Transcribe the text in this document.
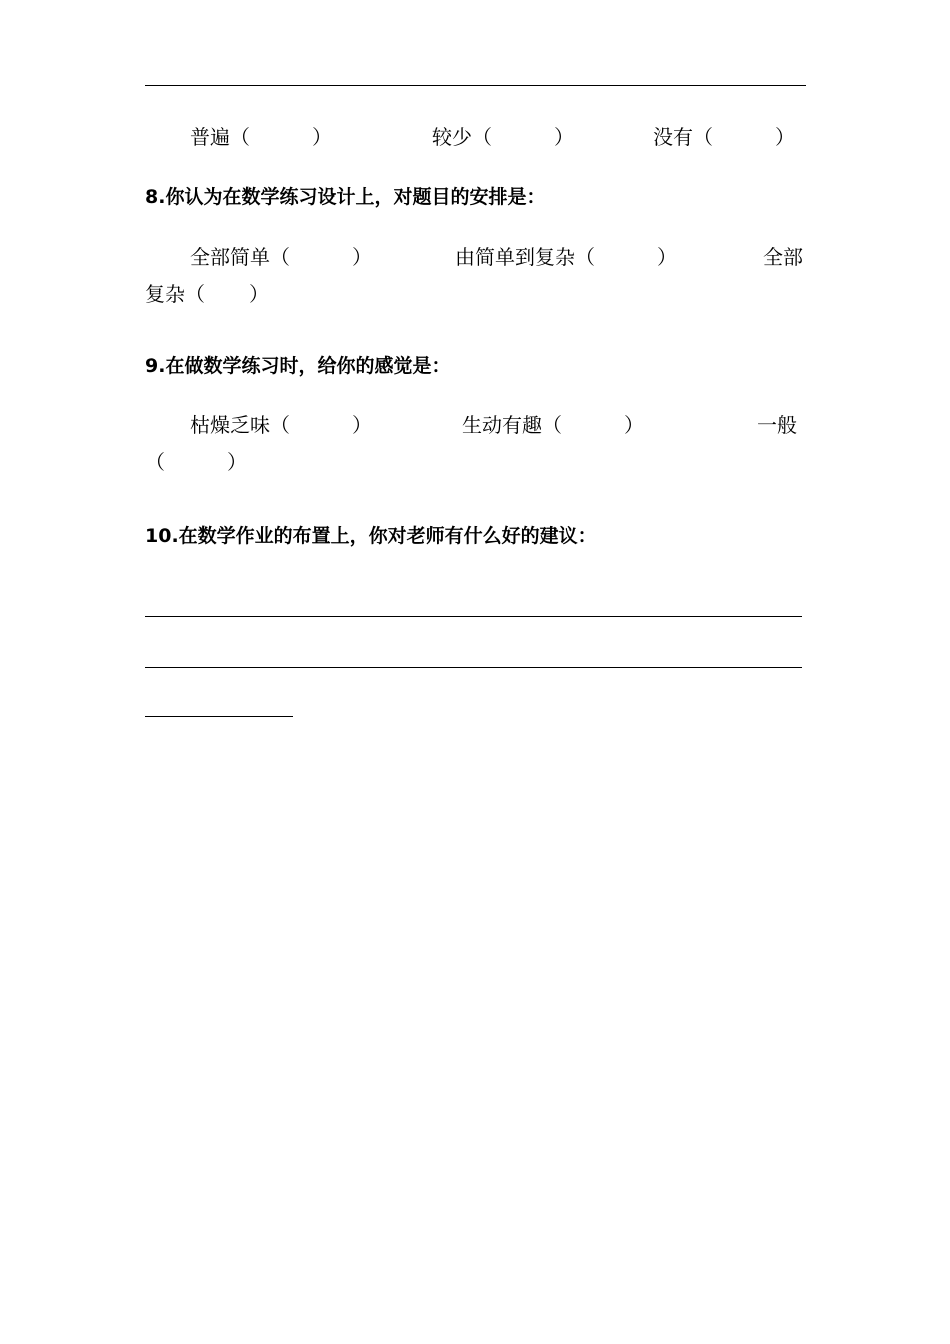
普遍（	）	较少（	）	没有（	）
8.你认为在数学练习设计上，对题目的安排是：
全部简单（	）	由简单到复杂（	）	全部
复杂（ ）
9.在做数学练习时，给你的感觉是：
枯燥乏味（	）	生动有趣（	）	一般
（	）
10.在数学作业的布置上，你对老师有什么好的建议：
